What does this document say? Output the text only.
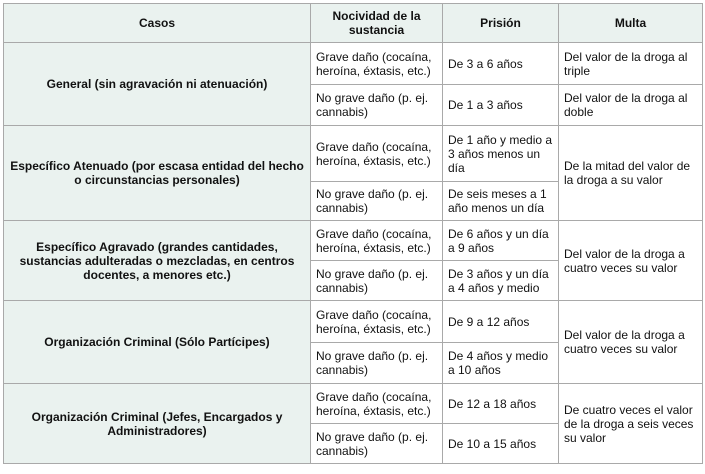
Casos	Nocividad de la sustancia	Prisión	Multa
General (sin agravación ni atenuación)	Grave daño (cocaína, heroína, éxtasis, etc.)	De 3 a 6 años	Del valor de la droga al triple
	No grave daño (p. ej. cannabis)	De 1 a 3 años	Del valor de la droga al doble
Específico Atenuado (por escasa entidad del hecho o circunstancias personales)	Grave daño (cocaína, heroína, éxtasis, etc.)	De 1 año y medio a 3 años menos un día	De la mitad del valor de la droga a su valor
	No grave daño (p. ej. cannabis)	De seis meses a 1 año menos un día	
Específico Agravado (grandes cantidades, sustancias adulteradas o mezcladas, en centros docentes, a menores etc.)	Grave daño (cocaína, heroína, éxtasis, etc.)	De 6 años y un día a 9 años	Del valor de la droga a cuatro veces su valor
	No grave daño (p. ej. cannabis)	De 3 años y un día a 4 años y medio	
Organización Criminal (Sólo Partícipes)	Grave daño (cocaína, heroína, éxtasis, etc.)	De 9 a 12 años	Del valor de la droga a cuatro veces su valor
	No grave daño (p. ej. cannabis)	De 4 años y medio a 10 años	
Organización Criminal (Jefes, Encargados y Administradores)	Grave daño (cocaína, heroína, éxtasis, etc.)	De 12 a 18 años	De cuatro veces el valor de la droga a seis veces su valor
	No grave daño (p. ej. cannabis)	De 10 a 15 años	
